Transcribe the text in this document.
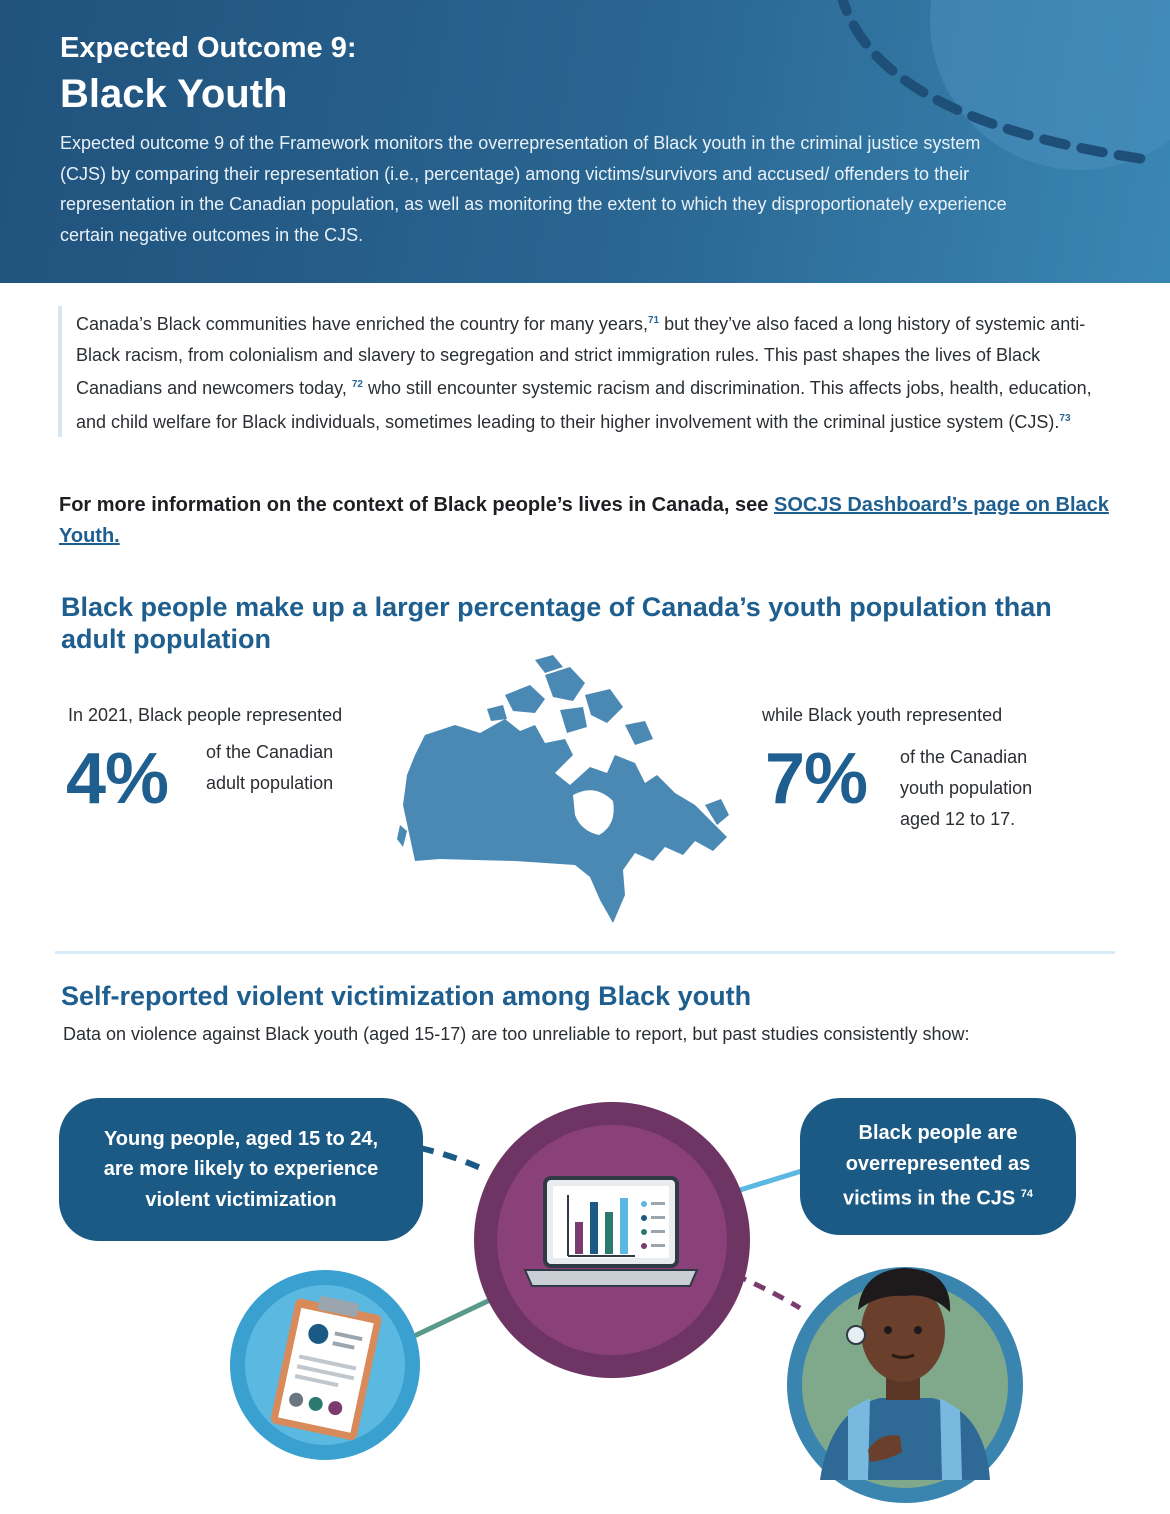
Expected Outcome 9:
Black Youth
Expected outcome 9 of the Framework monitors the overrepresentation of Black youth in the criminal justice system (CJS) by comparing their representation (i.e., percentage) among victims/survivors and accused/ offenders to their representation in the Canadian population, as well as monitoring the extent to which they disproportionately experience certain negative outcomes in the CJS.

Canada’s Black communities have enriched the country for many years,$^{71}$ but they’ve also faced a long history of systemic anti-Black racism, from colonialism and slavery to segregation and strict immigration rules. This past shapes the lives of Black Canadians and newcomers today, $^{72}$ who still encounter systemic racism and discrimination. This affects jobs, health, education, and child welfare for Black individuals, sometimes leading to their higher involvement with the criminal justice system (CJS).$^{73}$

For more information on the context of Black people’s lives in Canada, see SOCJS Dashboard’s page on Black Youth.
Black people make up a larger percentage of Canada’s youth population than adult population
In 2021, Black people represented
4% of the Canadian
adult population
while Black youth represented
7% of the Canadian
youth population
aged 12 to 17.
Self-reported violent victimization among Black youth
Data on violence against Black youth (aged 15-17) are too unreliable to report, but past studies consistently show:
Young people, aged 15 to 24,
are more likely to experience
violent victimization
Black people are
overrepresented as
victims in the CJS $^{74}$
